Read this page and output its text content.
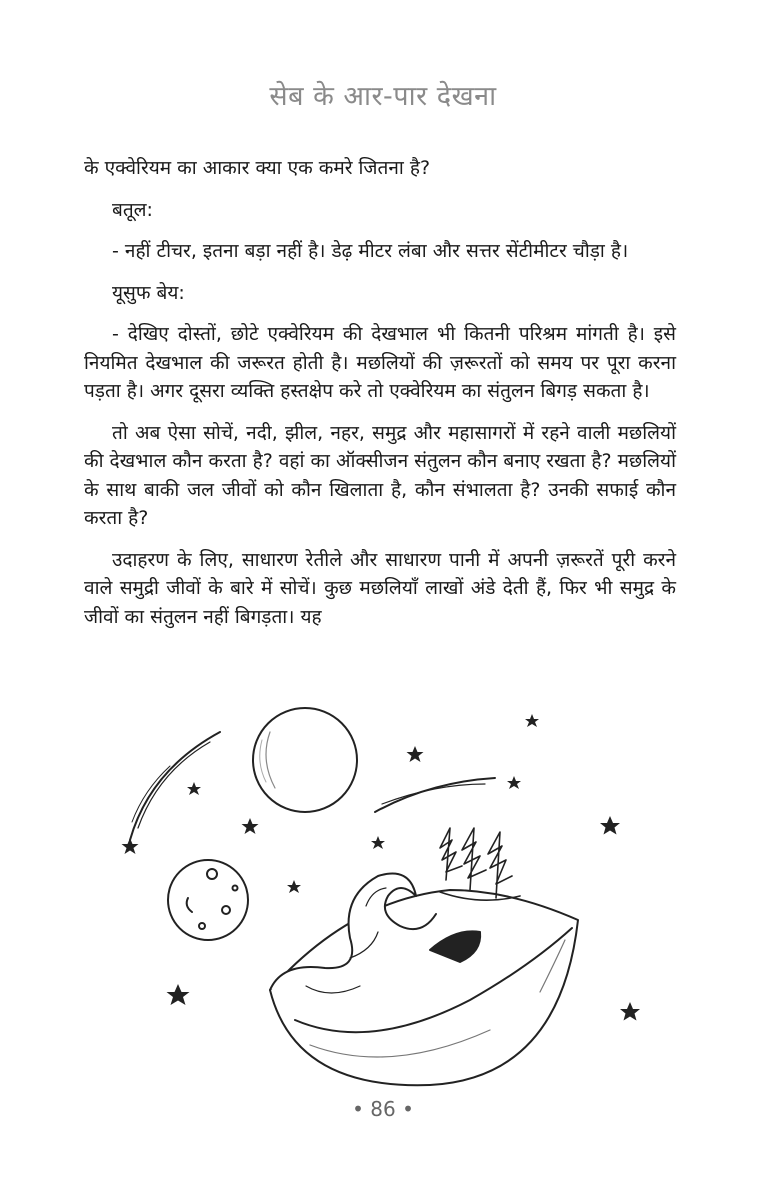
सेब के आर-पार देखना

के एक्वेरियम का आकार क्या एक कमरे जितना है?

बतूल:

- नहीं टीचर, इतना बड़ा नहीं है। डेढ़ मीटर लंबा और सत्तर सेंटीमीटर चौड़ा है।

यूसुफ बेय:

- देखिए दोस्तों, छोटे एक्वेरियम की देखभाल भी कितनी परिश्रम मांगती है। इसे नियमित देखभाल की जरूरत होती है। मछलियों की ज़रूरतों को समय पर पूरा करना पड़ता है। अगर दूसरा व्यक्ति हस्तक्षेप करे तो एक्वेरियम का संतुलन बिगड़ सकता है।

तो अब ऐसा सोचें, नदी, झील, नहर, समुद्र और महासागरों में रहने वाली मछलियों की देखभाल कौन करता है? वहां का ऑक्सीजन संतुलन कौन बनाए रखता है? मछलियों के साथ बाकी जल जीवों को कौन खिलाता है, कौन संभालता है? उनकी सफाई कौन करता है?

उदाहरण के लिए, साधारण रेतीले और साधारण पानी में अपनी ज़रूरतें पूरी करने वाले समुद्री जीवों के बारे में सोचें। कुछ मछलियाँ लाखों अंडे देती हैं, फिर भी समुद्र के जीवों का संतुलन नहीं बिगड़ता। यह

• 86 •
